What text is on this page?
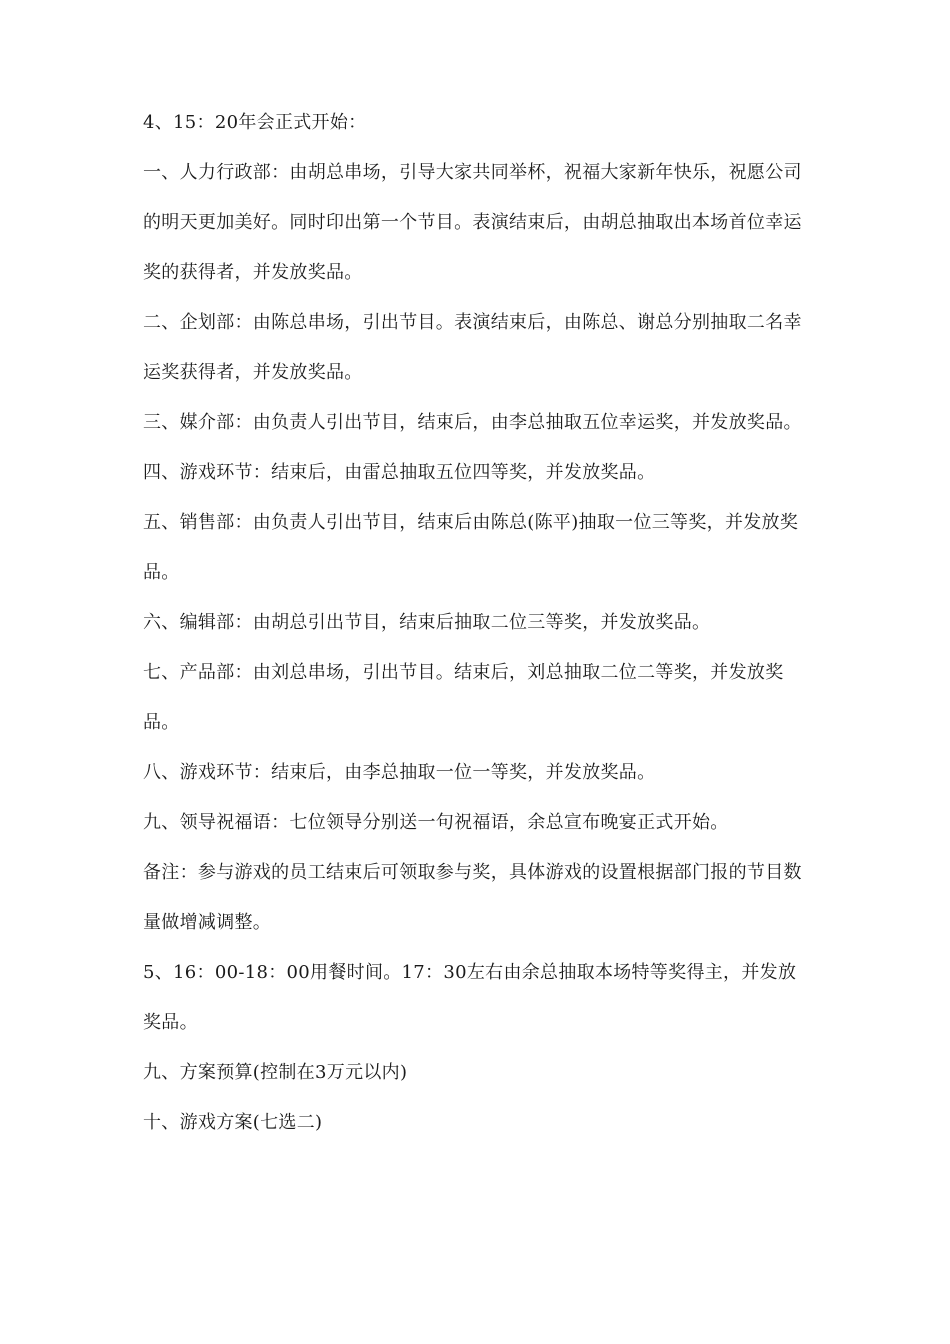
4、15：20年会正式开始：

一、人力行政部：由胡总串场，引导大家共同举杯，祝福大家新年快乐，祝愿公司的明天更加美好。同时印出第一个节目。表演结束后，由胡总抽取出本场首位幸运奖的获得者，并发放奖品。

二、企划部：由陈总串场，引出节目。表演结束后，由陈总、谢总分别抽取二名幸运奖获得者，并发放奖品。

三、媒介部：由负责人引出节目，结束后，由李总抽取五位幸运奖，并发放奖品。

四、游戏环节：结束后，由雷总抽取五位四等奖，并发放奖品。

五、销售部：由负责人引出节目，结束后由陈总(陈平)抽取一位三等奖，并发放奖品。

六、编辑部：由胡总引出节目，结束后抽取二位三等奖，并发放奖品。

七、产品部：由刘总串场，引出节目。结束后，刘总抽取二位二等奖，并发放奖品。

八、游戏环节：结束后，由李总抽取一位一等奖，并发放奖品。

九、领导祝福语：七位领导分别送一句祝福语，余总宣布晚宴正式开始。

备注：参与游戏的员工结束后可领取参与奖，具体游戏的设置根据部门报的节目数量做增减调整。

5、16：00-18：00用餐时间。17：30左右由余总抽取本场特等奖得主，并发放奖品。

九、方案预算(控制在3万元以内)

十、游戏方案(七选二)
